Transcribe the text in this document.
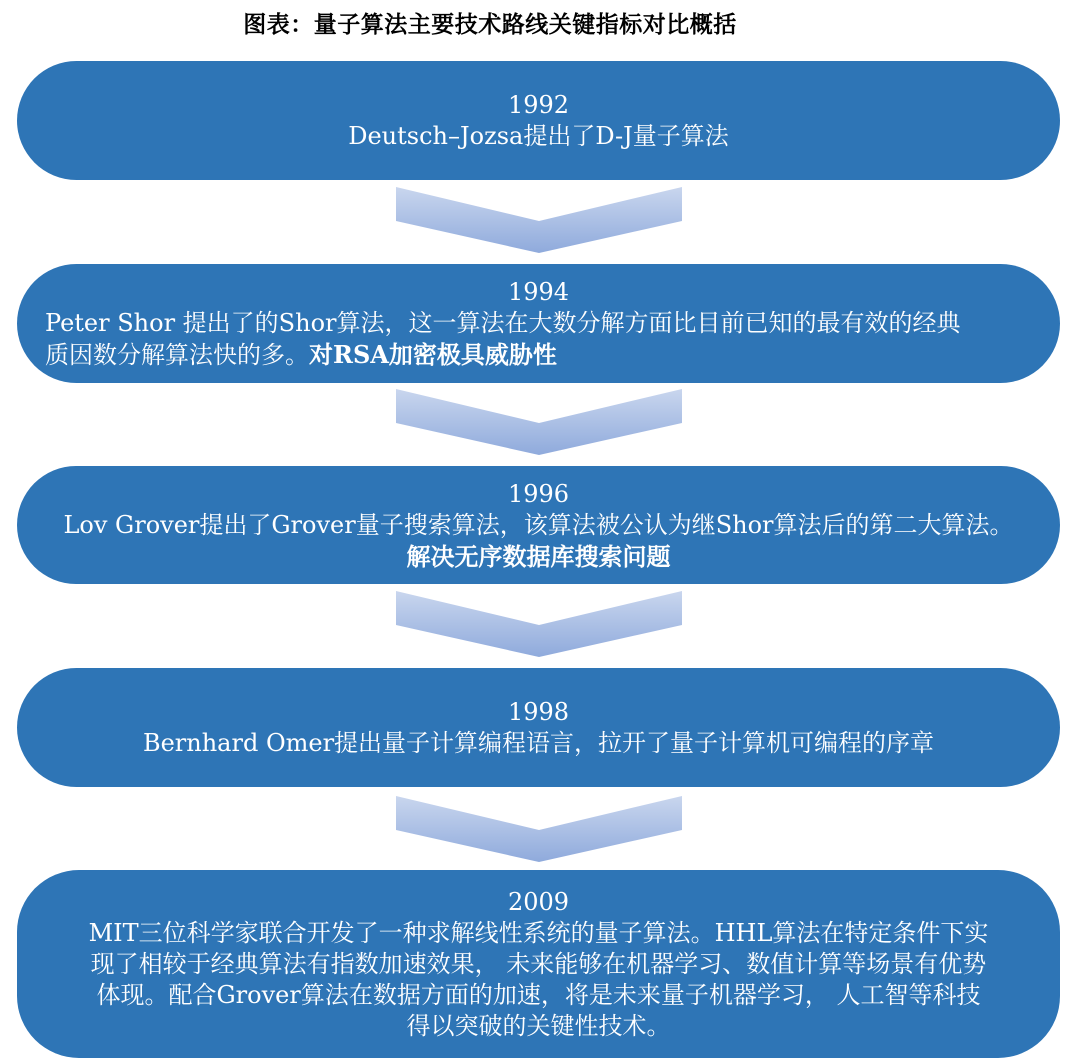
图表：量子算法主要技术路线关键指标对比概括
1992
Deutsch–Jozsa提出了D-J量子算法
1994
Peter Shor 提出了的Shor算法，这一算法在大数分解方面比目前已知的最有效的经典
质因数分解算法快的多。对RSA加密极具威胁性
1996
Lov Grover提出了Grover量子搜索算法，该算法被公认为继Shor算法后的第二大算法。
解决无序数据库搜索问题
1998
Bernhard Omer提出量子计算编程语言，拉开了量子计算机可编程的序章
2009
MIT三位科学家联合开发了一种求解线性系统的量子算法。HHL算法在特定条件下实
现了相较于经典算法有指数加速效果， 未来能够在机器学习、数值计算等场景有优势
体现。配合Grover算法在数据方面的加速，将是未来量子机器学习， 人工智等科技
得以突破的关键性技术。
